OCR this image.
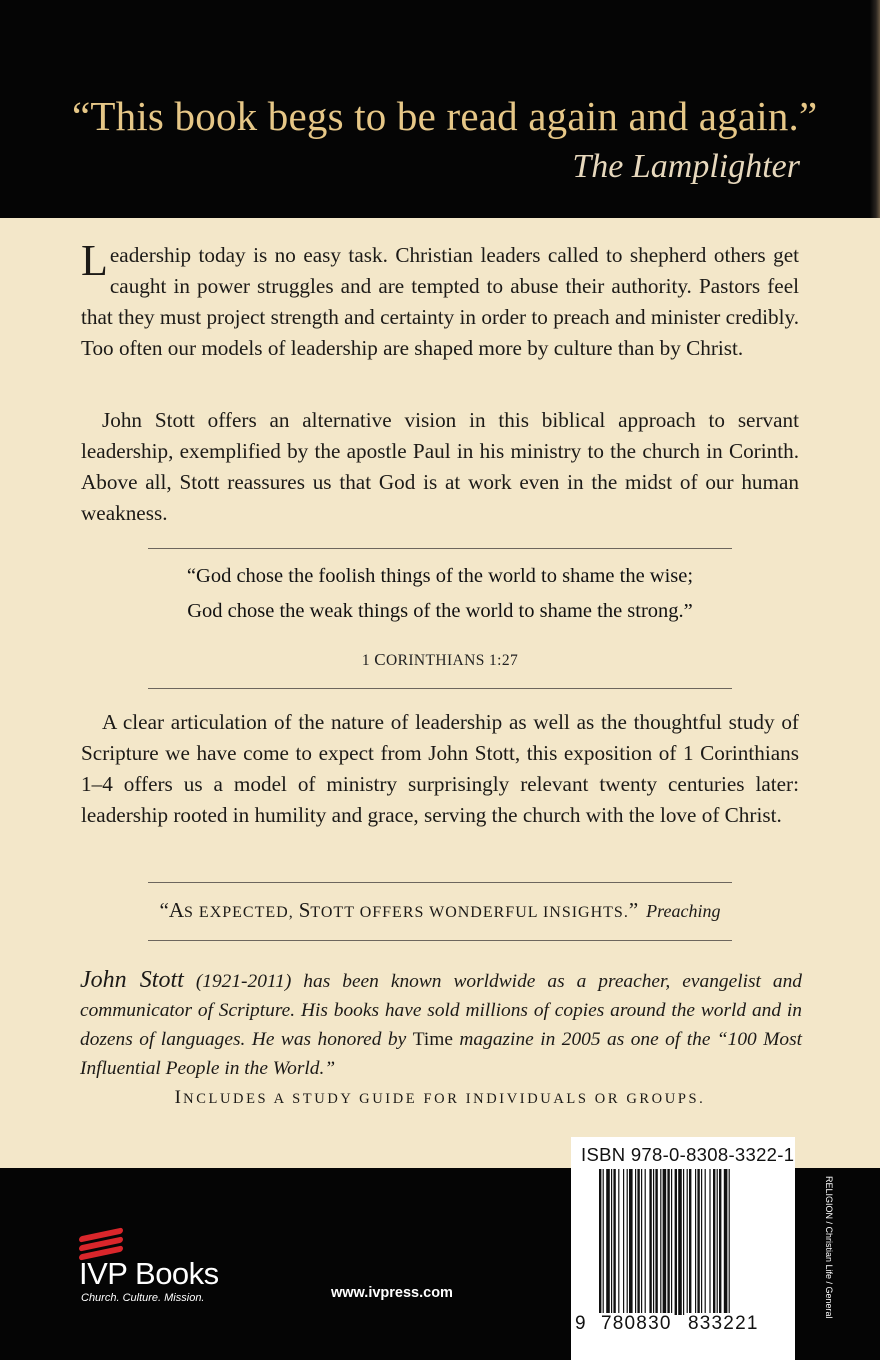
“This book begs to be read again and again.”
The Lamplighter
Leadership today is no easy task. Christian leaders called to shepherd others get caught in power struggles and are tempted to abuse their authority. Pastors feel that they must project strength and certainty in order to preach and minister credibly. Too often our models of leadership are shaped more by culture than by Christ.
John Stott offers an alternative vision in this biblical approach to servant leadership, exemplified by the apostle Paul in his ministry to the church in Corinth. Above all, Stott reassures us that God is at work even in the midst of our human weakness.
“God chose the foolish things of the world to shame the wise;
God chose the weak things of the world to shame the strong.”
1 CORINTHIANS 1:27
A clear articulation of the nature of leadership as well as the thoughtful study of Scripture we have come to expect from John Stott, this exposition of 1 Corinthians 1–4 offers us a model of ministry surprisingly relevant twenty centuries later: leadership rooted in humility and grace, serving the church with the love of Christ.
“AS EXPECTED, STOTT OFFERS WONDERFUL INSIGHTS.” Preaching
John Stott (1921-2011) has been known worldwide as a preacher, evangelist and communicator of Scripture. His books have sold millions of copies around the world and in dozens of languages. He was honored by Time magazine in 2005 as one of the “100 Most Influential People in the World.”
INCLUDES A STUDY GUIDE FOR INDIVIDUALS OR GROUPS.
IVP Books
Church. Culture. Mission.	www.ivpress.com
ISBN 978-0-8308-3322-1
9 780830 833221
RELIGION / Christian Life / General
